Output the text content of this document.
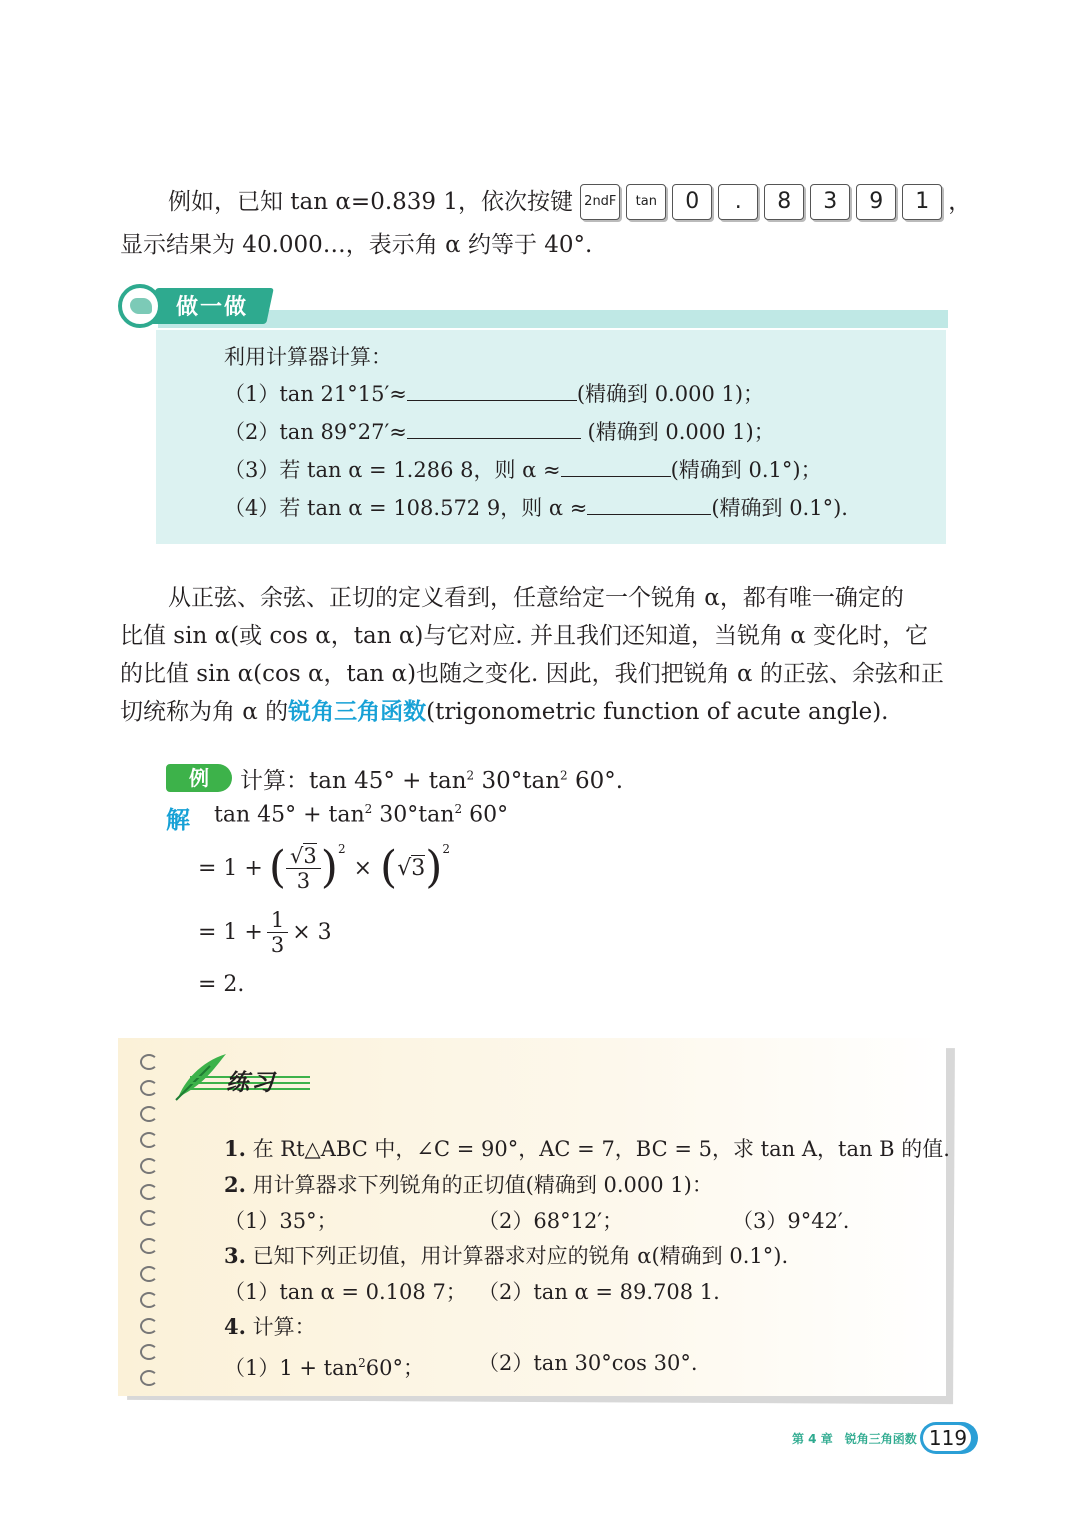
例如，已知 tan α=0.839 1，依次按键 2ndF tan 0 . 8 3 9 1 ，
显示结果为 40.000…，表示角 α 约等于 40°.
做一做
利用计算器计算：
（1）tan 21°15′≈	(精确到 0.000 1)；
（2）tan 89°27′≈	(精确到 0.000 1)；
（3）若 tan α = 1.286 8，则 α ≈	(精确到 0.1°)；
（4）若 tan α = 108.572 9，则 α ≈	(精确到 0.1°).
从正弦、余弦、正切的定义看到，任意给定一个锐角 α，都有唯一确定的
比值 sin α(或 cos α，tan α)与它对应. 并且我们还知道，当锐角 α 变化时，它
的比值 sin α(cos α，tan α)也随之变化. 因此，我们把锐角 α 的正弦、余弦和正
切统称为角 α 的锐角三角函数(trigonometric function of acute angle).
例	计算：$\tan 45^\circ + \tan^2 30^\circ\tan^2$ 60°.
解 $\tan 45^\circ + \tan^2 30^\circ\tan^2$ 60°
= 1 + ( $\frac{√3}{3}$ ) 2
× ( √3 ) 2
= $1 + \frac{1}{3} \times 3$
= 2.
练习
1. 在 Rt△ABC 中，∠C = 90°，AC = 7，BC = 5，求 tan A，tan B 的值.
2. 用计算器求下列锐角的正切值(精确到 0.000 1)：
（1）35°；	（2）68°12′；	（3）9°42′.
3. 已知下列正切值，用计算器求对应的锐角 α(精确到 0.1°).
（1）tan α = 0.108 7； （2）tan α = 89.708 1.
4. 计算：
$(1)1 + \tan^260^\circ$；	（2）tan 30°cos 30°.
第 4 章　锐角三角函数 119
